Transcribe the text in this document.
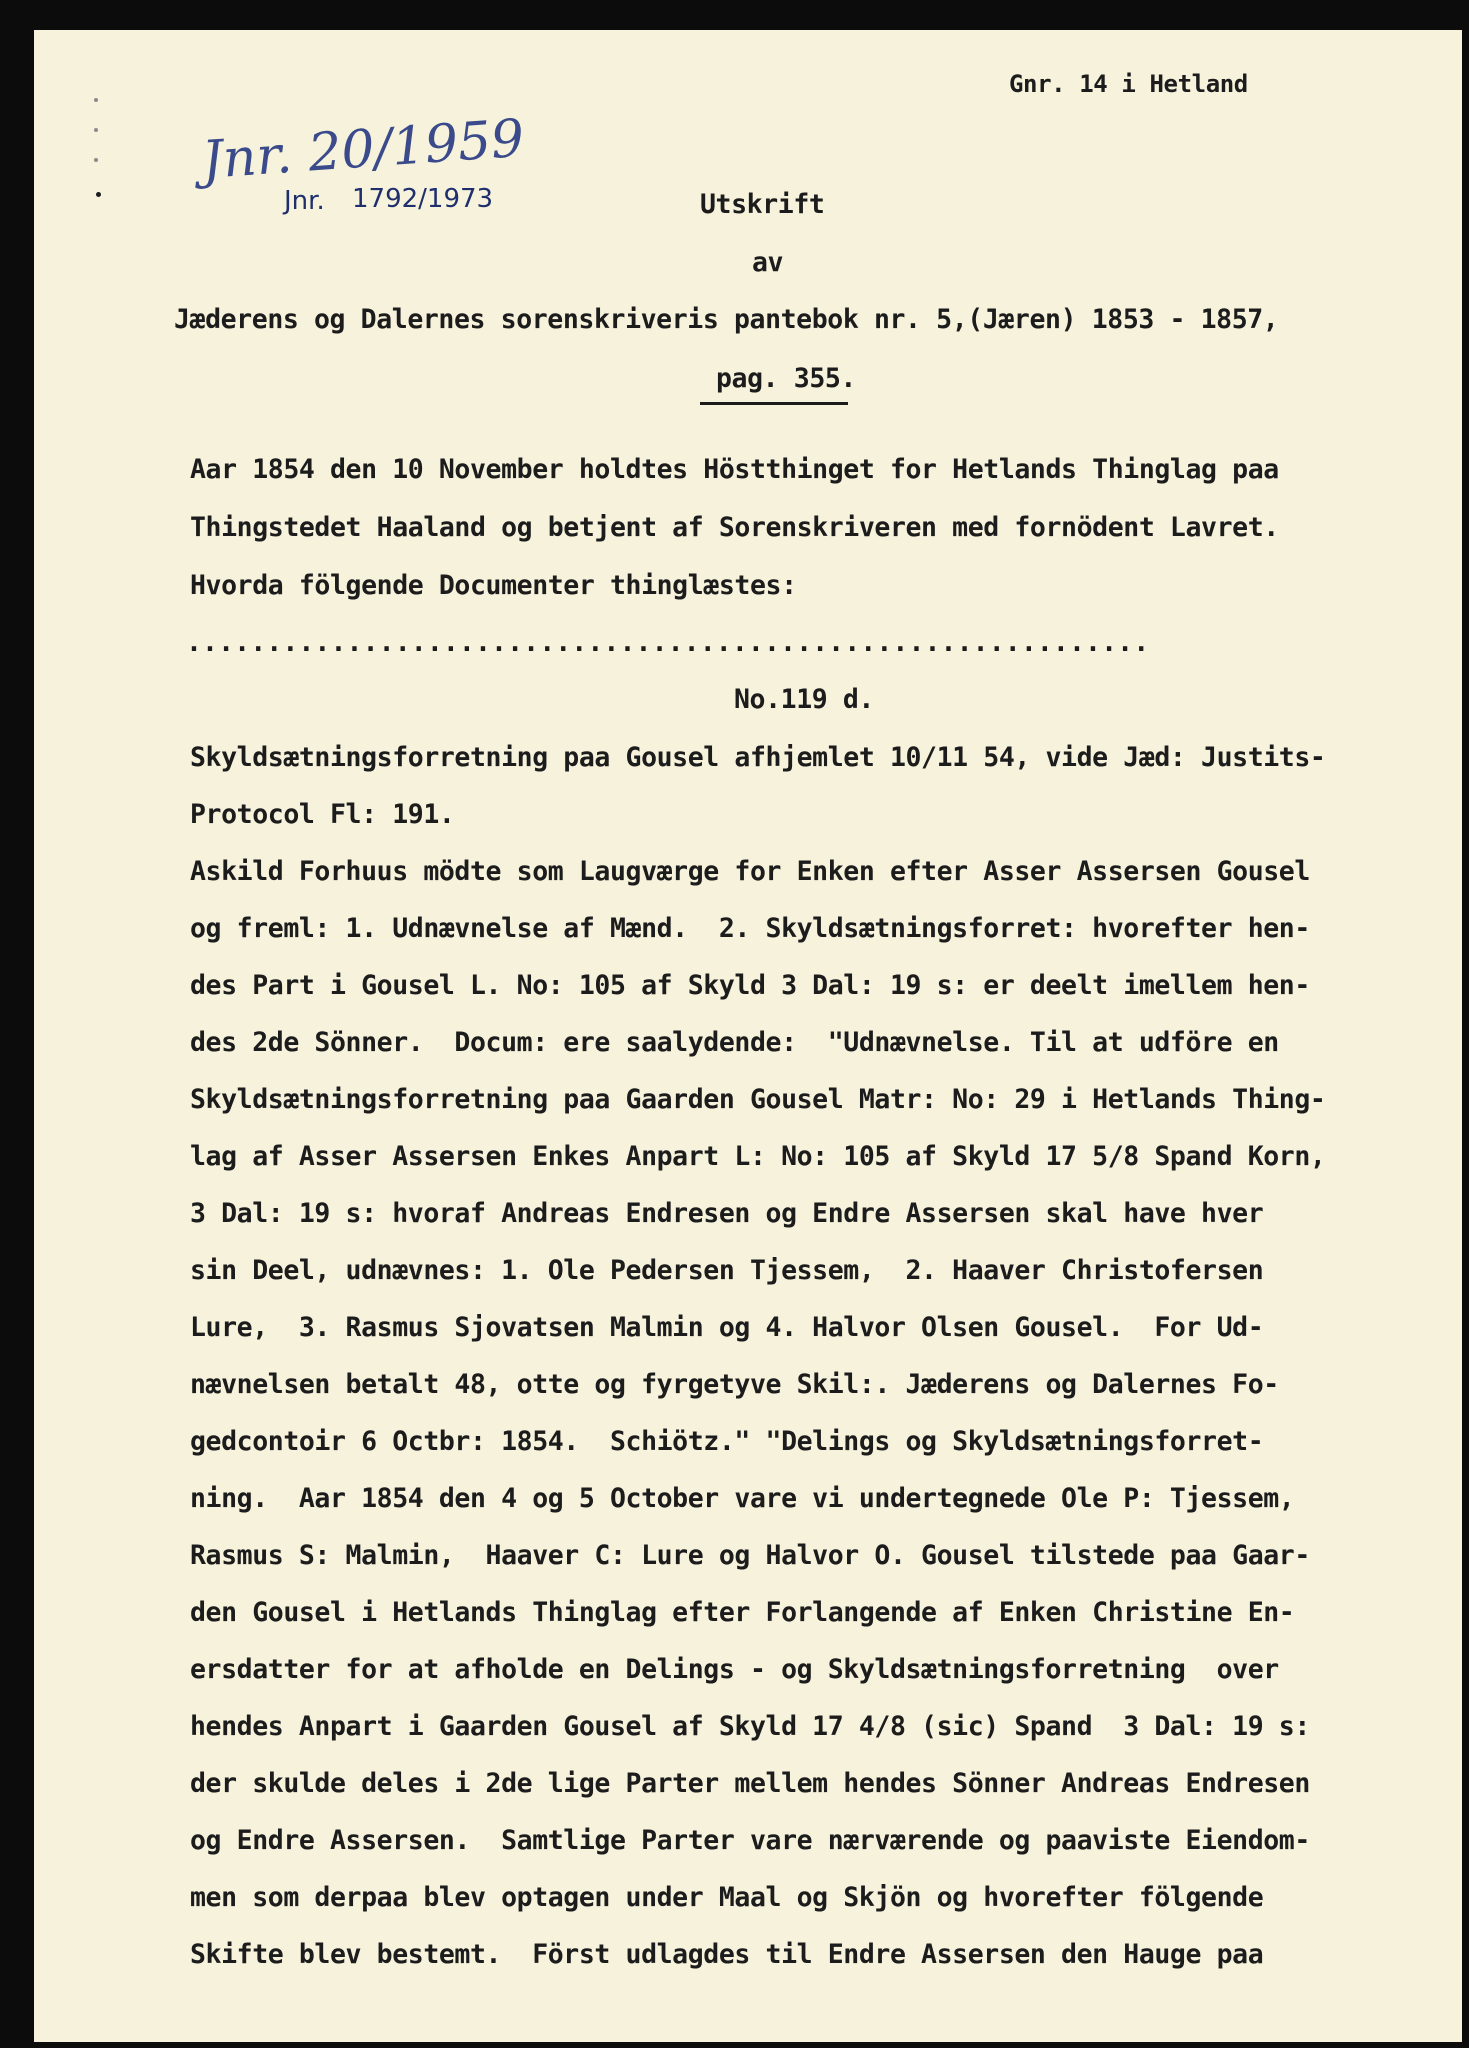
Gnr. 14 i Hetland
Jnr. 20/1959
Jnr. 1792/1973	Utskrift
av
Jæderens og Dalernes sorenskriveris pantebok nr. 5,(Jæren) 1853 - 1857,
pag. 355.
Aar 1854 den 10 November holdtes Höstthinget for Hetlands Thinglag paa
Thingstedet Haaland og betjent af Sorenskriveren med fornödent Lavret.
Hvorda fölgende Documenter thinglæstes:
............................................................
No.119 d.
Skyldsætningsforretning paa Gousel afhjemlet 10/11 54, vide Jæd: Justits-
Protocol Fl: 191.
Askild Forhuus mödte som Laugværge for Enken efter Asser Assersen Gousel
og freml: 1. Udnævnelse af Mænd.  2. Skyldsætningsforret: hvorefter hen-
des Part i Gousel L. No: 105 af Skyld 3 Dal: 19 s: er deelt imellem hen-
des 2de Sönner.  Docum: ere saalydende:  "Udnævnelse. Til at udföre en
Skyldsætningsforretning paa Gaarden Gousel Matr: No: 29 i Hetlands Thing-
lag af Asser Assersen Enkes Anpart L: No: 105 af Skyld 17 5/8 Spand Korn,
3 Dal: 19 s: hvoraf Andreas Endresen og Endre Assersen skal have hver
sin Deel, udnævnes: 1. Ole Pedersen Tjessem,  2. Haaver Christofersen
Lure,  3. Rasmus Sjovatsen Malmin og 4. Halvor Olsen Gousel.  For Ud-
nævnelsen betalt 48, otte og fyrgetyve Skil:. Jæderens og Dalernes Fo-
gedcontoir 6 Octbr: 1854.  Schiötz." "Delings og Skyldsætningsforret-
ning.  Aar 1854 den 4 og 5 October vare vi undertegnede Ole P: Tjessem,
Rasmus S: Malmin,  Haaver C: Lure og Halvor O. Gousel tilstede paa Gaar-
den Gousel i Hetlands Thinglag efter Forlangende af Enken Christine En-
ersdatter for at afholde en Delings - og Skyldsætningsforretning  over
hendes Anpart i Gaarden Gousel af Skyld 17 4/8 (sic) Spand  3 Dal: 19 s:
der skulde deles i 2de lige Parter mellem hendes Sönner Andreas Endresen
og Endre Assersen.  Samtlige Parter vare nærværende og paaviste Eiendom-
men som derpaa blev optagen under Maal og Skjön og hvorefter fölgende
Skifte blev bestemt.  Först udlagdes til Endre Assersen den Hauge paa
